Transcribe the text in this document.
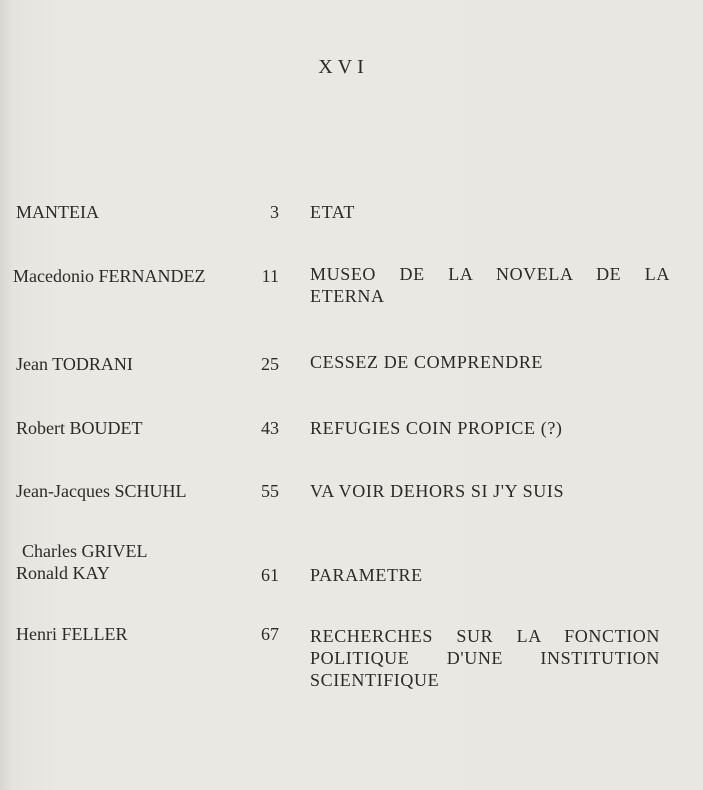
XVI
MANTEIA	3 ETAT
Macedonio FERNANDEZ	11 MUSEO DE LA NOVELA DE LA
ETERNA
Jean TODRANI	25 CESSEZ DE COMPRENDRE
Robert BOUDET	43 REFUGIES COIN PROPICE (?)
Jean-Jacques SCHUHL	55 VA VOIR DEHORS SI J'Y SUIS
Charles GRIVEL
Ronald KAY	61 PARAMETRE
Henri FELLER	67 RECHERCHES SUR LA FONCTION
POLITIQUE D'UNE INSTITUTION
SCIENTIFIQUE
